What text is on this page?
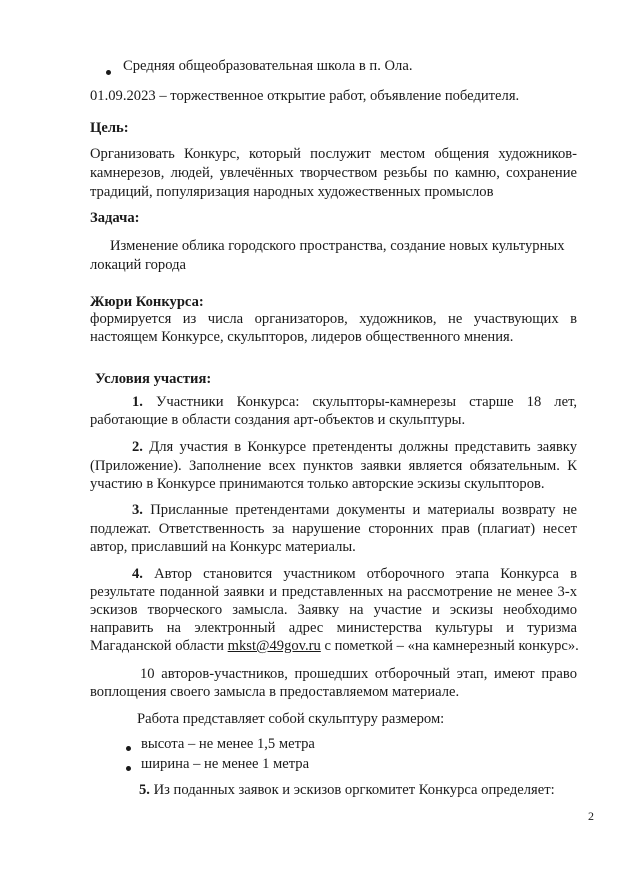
Средняя общеобразовательная школа в п. Ола.
01.09.2023 – торжественное открытие работ, объявление победителя.
Цель:
Организовать Конкурс, который послужит местом общения художников-
камнерезов, людей, увлечённых творчеством резьбы по камню, сохранение
традиций, популяризация народных художественных промыслов
Задача:
Изменение облика городского пространства, создание новых культурных
локаций города
Жюри Конкурса:
формируется из числа организаторов, художников, не участвующих в
настоящем Конкурсе, скульпторов, лидеров общественного мнения.
Условия участия:
1. Участники Конкурса: скульпторы-камнерезы старше 18 лет,
работающие в области создания арт-объектов и скульптуры.
2. Для участия в Конкурсе претенденты должны представить заявку
(Приложение). Заполнение всех пунктов заявки является обязательным. К
участию в Конкурсе принимаются только авторские эскизы скульпторов.
3. Присланные претендентами документы и материалы возврату не
подлежат. Ответственность за нарушение сторонних прав (плагиат) несет
автор, приславший на Конкурс материалы.
4. Автор становится участником отборочного этапа Конкурса в
результате поданной заявки и представленных на рассмотрение не менее 3-х
эскизов творческого замысла. Заявку на участие и эскизы необходимо
направить на электронный адрес министерства культуры и туризма
Магаданской области mkst@49gov.ru с пометкой – «на камнерезный конкурс».
10 авторов-участников, прошедших отборочный этап, имеют право
воплощения своего замысла в предоставляемом материале.
Работа представляет собой скульптуру размером:
высота – не менее 1,5 метра
ширина – не менее 1 метра
5. Из поданных заявок и эскизов оргкомитет Конкурса определяет:
2
